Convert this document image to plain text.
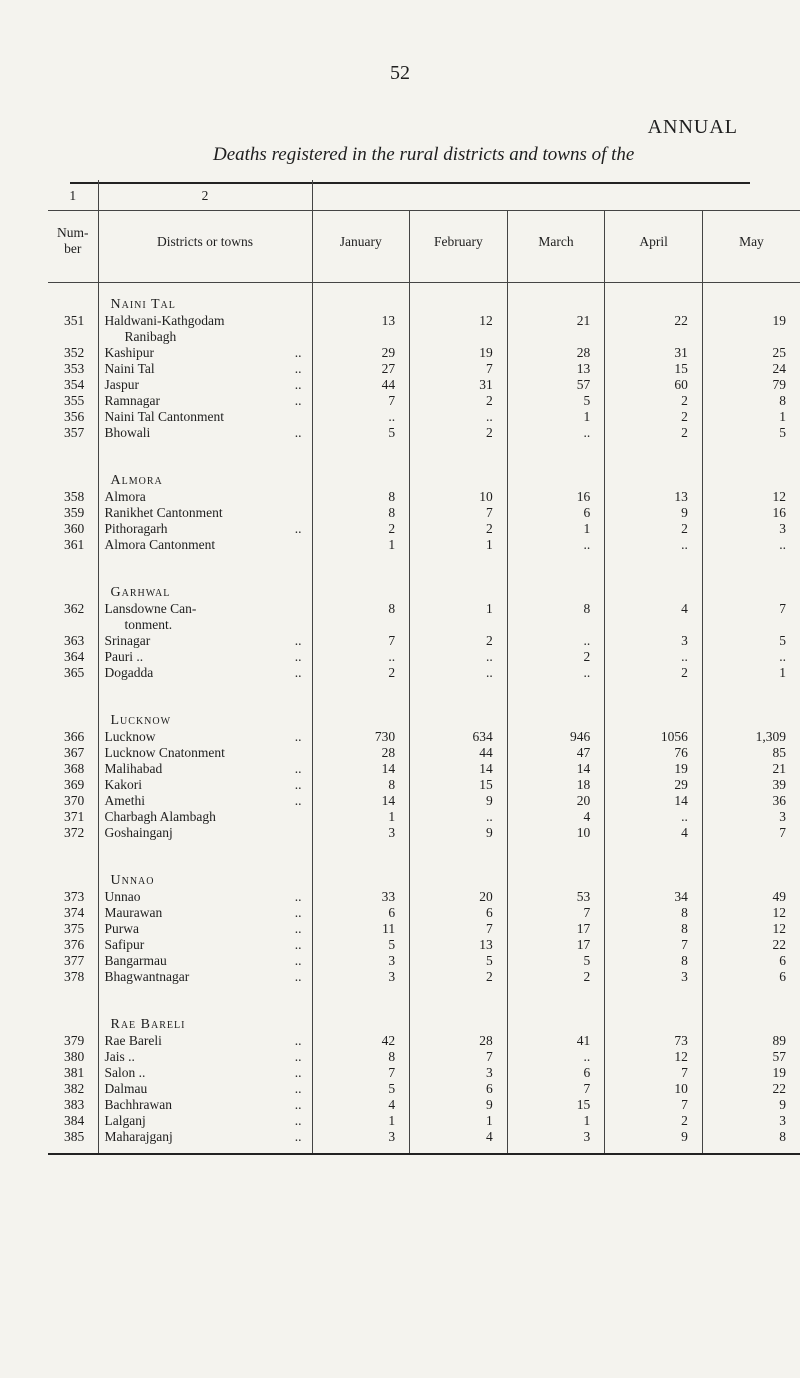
52
ANNUAL
Deaths registered in the rural districts and towns of the
1	2					
Num-
ber	Districts or towns	January	February	March	April	May
	Naini Tal					
351	Haldwani-Kathgodam	13	12	21	22	19
	Ranibagh					
352	Kashipur ..	29	19	28	31	25
353	Naini Tal ..	27	7	13	15	24
354	Jaspur ..	44	31	57	60	79
355	Ramnagar ..	7	2	5	2	8
356	Naini Tal Cantonment	..	..	1	2	1
357	Bhowali ..	5	2	..	2	5

	Almora					
358	Almora	8	10	16	13	12
359	Ranikhet Cantonment	8	7	6	9	16
360	Pithoragarh ..	2	2	1	2	3
361	Almora Cantonment	1	1	..	..	..

	Garhwal					
362	Lansdowne Can-	8	1	8	4	7
	tonment.					
363	Srinagar ..	7	2	..	3	5
364	Pauri .. ..	..	..	2	..	..
365	Dogadda ..	2	..	..	2	1

	Lucknow					
366	Lucknow ..	730	634	946	1056	1,309
367	Lucknow Cnatonment	28	44	47	76	85
368	Malihabad ..	14	14	14	19	21
369	Kakori ..	8	15	18	29	39
370	Amethi ..	14	9	20	14	36
371	Charbagh Alambagh	1	..	4	..	3
372	Goshainganj	3	9	10	4	7

	Unnao					
373	Unnao ..	33	20	53	34	49
374	Maurawan ..	6	6	7	8	12
375	Purwa ..	11	7	17	8	12
376	Safipur ..	5	13	17	7	22
377	Bangarmau ..	3	5	5	8	6
378	Bhagwantnagar ..	3	2	2	3	6

	Rae Bareli					
379	Rae Bareli ..	42	28	41	73	89
380	Jais .. ..	8	7	..	12	57
381	Salon .. ..	7	3	6	7	19
382	Dalmau ..	5	6	7	10	22
383	Bachhrawan ..	4	9	15	7	9
384	Lalganj ..	1	1	1	2	3
385	Maharajganj ..	3	4	3	9	8
